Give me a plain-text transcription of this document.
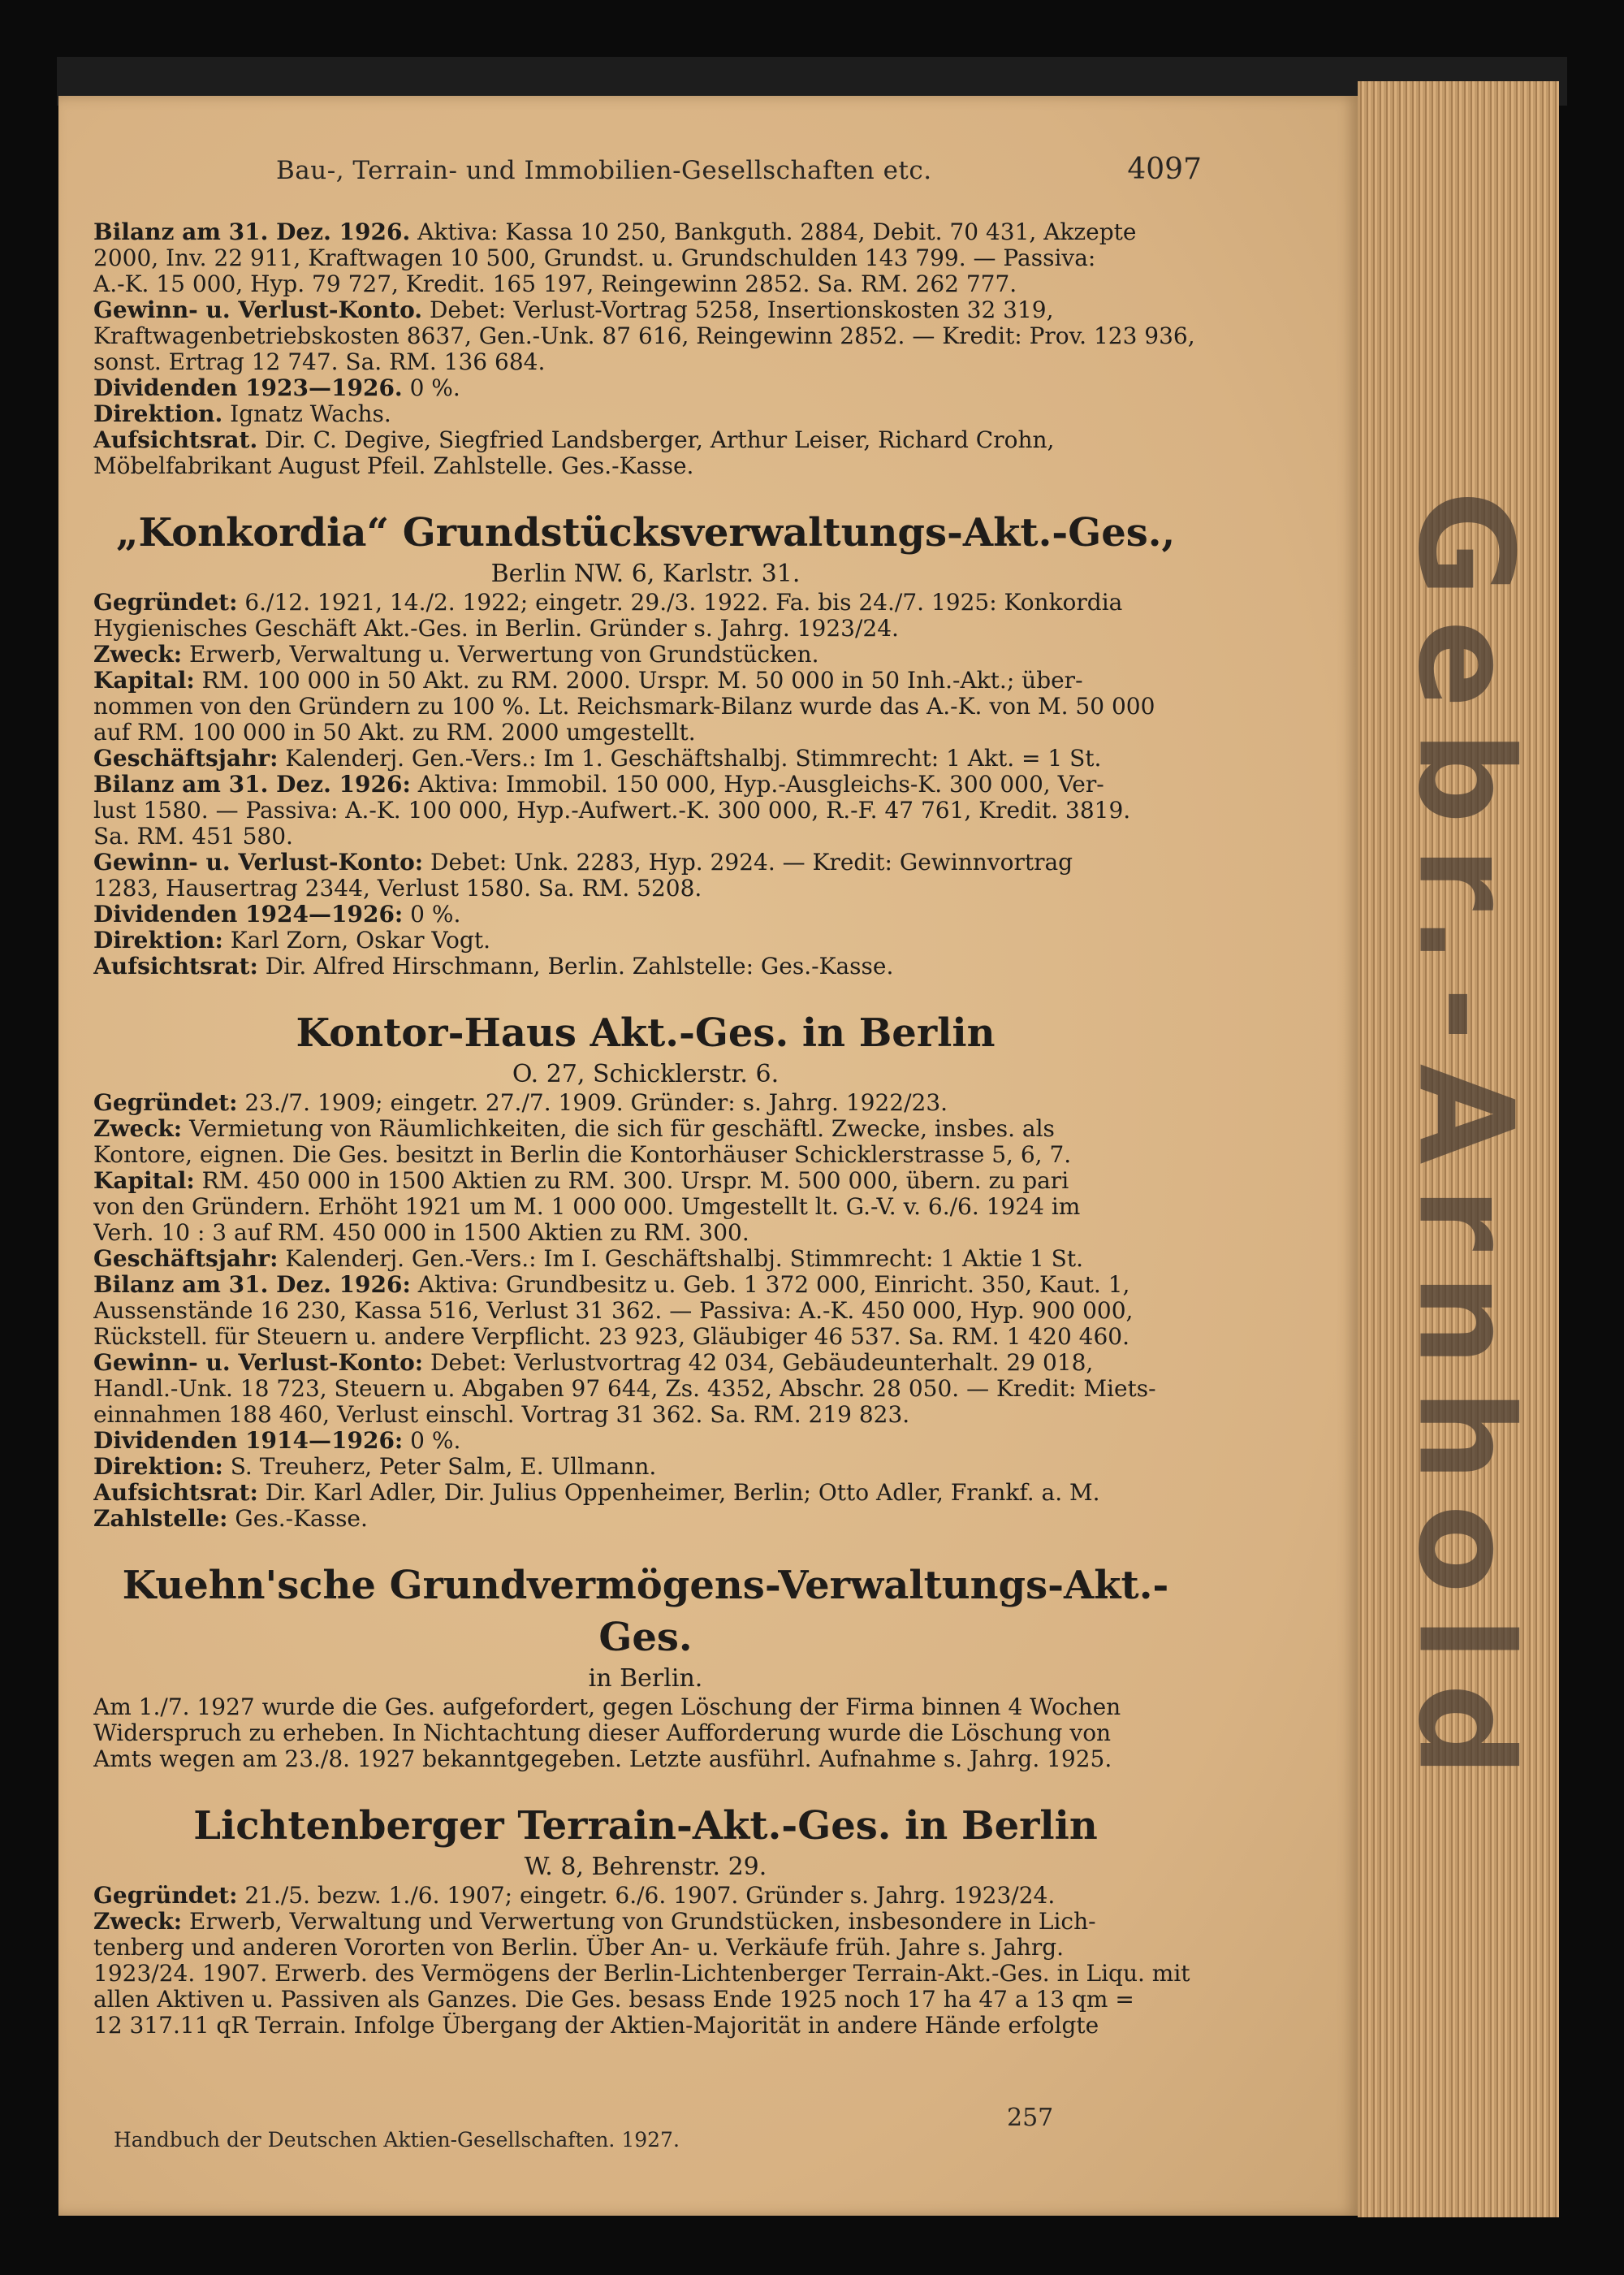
Gebr.-Arnhold
Bau-, Terrain- und Immobilien-Gesellschaften etc.	4097
Bilanz am 31. Dez. 1926. Aktiva: Kassa 10 250, Bankguth. 2884, Debit. 70 431, Akzepte
2000, Inv. 22 911, Kraftwagen 10 500, Grundst. u. Grundschulden 143 799. — Passiva:
A.-K. 15 000, Hyp. 79 727, Kredit. 165 197, Reingewinn 2852. Sa. RM. 262 777.
Gewinn- u. Verlust-Konto. Debet: Verlust-Vortrag 5258, Insertionskosten 32 319,
Kraftwagenbetriebskosten 8637, Gen.-Unk. 87 616, Reingewinn 2852. — Kredit: Prov. 123 936,
sonst. Ertrag 12 747. Sa. RM. 136 684.
Dividenden 1923—1926. 0 %.
Direktion. Ignatz Wachs.
Aufsichtsrat. Dir. C. Degive, Siegfried Landsberger, Arthur Leiser, Richard Crohn,
Möbelfabrikant August Pfeil. Zahlstelle. Ges.-Kasse.
„Konkordia“ Grundstücksverwaltungs-Akt.-Ges.,
Berlin NW. 6, Karlstr. 31.
Gegründet: 6./12. 1921, 14./2. 1922; eingetr. 29./3. 1922. Fa. bis 24./7. 1925: Konkordia
Hygienisches Geschäft Akt.-Ges. in Berlin. Gründer s. Jahrg. 1923/24.
Zweck: Erwerb, Verwaltung u. Verwertung von Grundstücken.
Kapital: RM. 100 000 in 50 Akt. zu RM. 2000. Urspr. M. 50 000 in 50 Inh.-Akt.; über-
nommen von den Gründern zu 100 %. Lt. Reichsmark-Bilanz wurde das A.-K. von M. 50 000
auf RM. 100 000 in 50 Akt. zu RM. 2000 umgestellt.
Geschäftsjahr: Kalenderj. Gen.-Vers.: Im 1. Geschäftshalbj. Stimmrecht: 1 Akt. = 1 St.
Bilanz am 31. Dez. 1926: Aktiva: Immobil. 150 000, Hyp.-Ausgleichs-K. 300 000, Ver-
lust 1580. — Passiva: A.-K. 100 000, Hyp.-Aufwert.-K. 300 000, R.-F. 47 761, Kredit. 3819.
Sa. RM. 451 580.
Gewinn- u. Verlust-Konto: Debet: Unk. 2283, Hyp. 2924. — Kredit: Gewinnvortrag
1283, Hausertrag 2344, Verlust 1580. Sa. RM. 5208.
Dividenden 1924—1926: 0 %.
Direktion: Karl Zorn, Oskar Vogt.
Aufsichtsrat: Dir. Alfred Hirschmann, Berlin. Zahlstelle: Ges.-Kasse.
Kontor-Haus Akt.-Ges. in Berlin
O. 27, Schicklerstr. 6.
Gegründet: 23./7. 1909; eingetr. 27./7. 1909. Gründer: s. Jahrg. 1922/23.
Zweck: Vermietung von Räumlichkeiten, die sich für geschäftl. Zwecke, insbes. als
Kontore, eignen. Die Ges. besitzt in Berlin die Kontorhäuser Schicklerstrasse 5, 6, 7.
Kapital: RM. 450 000 in 1500 Aktien zu RM. 300. Urspr. M. 500 000, übern. zu pari
von den Gründern. Erhöht 1921 um M. 1 000 000. Umgestellt lt. G.-V. v. 6./6. 1924 im
Verh. 10 : 3 auf RM. 450 000 in 1500 Aktien zu RM. 300.
Geschäftsjahr: Kalenderj. Gen.-Vers.: Im I. Geschäftshalbj. Stimmrecht: 1 Aktie 1 St.
Bilanz am 31. Dez. 1926: Aktiva: Grundbesitz u. Geb. 1 372 000, Einricht. 350, Kaut. 1,
Aussenstände 16 230, Kassa 516, Verlust 31 362. — Passiva: A.-K. 450 000, Hyp. 900 000,
Rückstell. für Steuern u. andere Verpflicht. 23 923, Gläubiger 46 537. Sa. RM. 1 420 460.
Gewinn- u. Verlust-Konto: Debet: Verlustvortrag 42 034, Gebäudeunterhalt. 29 018,
Handl.-Unk. 18 723, Steuern u. Abgaben 97 644, Zs. 4352, Abschr. 28 050. — Kredit: Miets-
einnahmen 188 460, Verlust einschl. Vortrag 31 362. Sa. RM. 219 823.
Dividenden 1914—1926: 0 %.
Direktion: S. Treuherz, Peter Salm, E. Ullmann.
Aufsichtsrat: Dir. Karl Adler, Dir. Julius Oppenheimer, Berlin; Otto Adler, Frankf. a. M.
Zahlstelle: Ges.-Kasse.
Kuehn'sche Grundvermögens-Verwaltungs-Akt.-Ges.
in Berlin.
Am 1./7. 1927 wurde die Ges. aufgefordert, gegen Löschung der Firma binnen 4 Wochen
Widerspruch zu erheben. In Nichtachtung dieser Aufforderung wurde die Löschung von
Amts wegen am 23./8. 1927 bekanntgegeben. Letzte ausführl. Aufnahme s. Jahrg. 1925.
Lichtenberger Terrain-Akt.-Ges. in Berlin
W. 8, Behrenstr. 29.
Gegründet: 21./5. bezw. 1./6. 1907; eingetr. 6./6. 1907. Gründer s. Jahrg. 1923/24.
Zweck: Erwerb, Verwaltung und Verwertung von Grundstücken, insbesondere in Lich-
tenberg und anderen Vororten von Berlin. Über An- u. Verkäufe früh. Jahre s. Jahrg.
1923/24. 1907. Erwerb. des Vermögens der Berlin-Lichtenberger Terrain-Akt.-Ges. in Liqu. mit
allen Aktiven u. Passiven als Ganzes. Die Ges. besass Ende 1925 noch 17 ha 47 a 13 qm =
12 317.11 qR Terrain. Infolge Übergang der Aktien-Majorität in andere Hände erfolgte
Handbuch der Deutschen Aktien-Gesellschaften. 1927.
257
